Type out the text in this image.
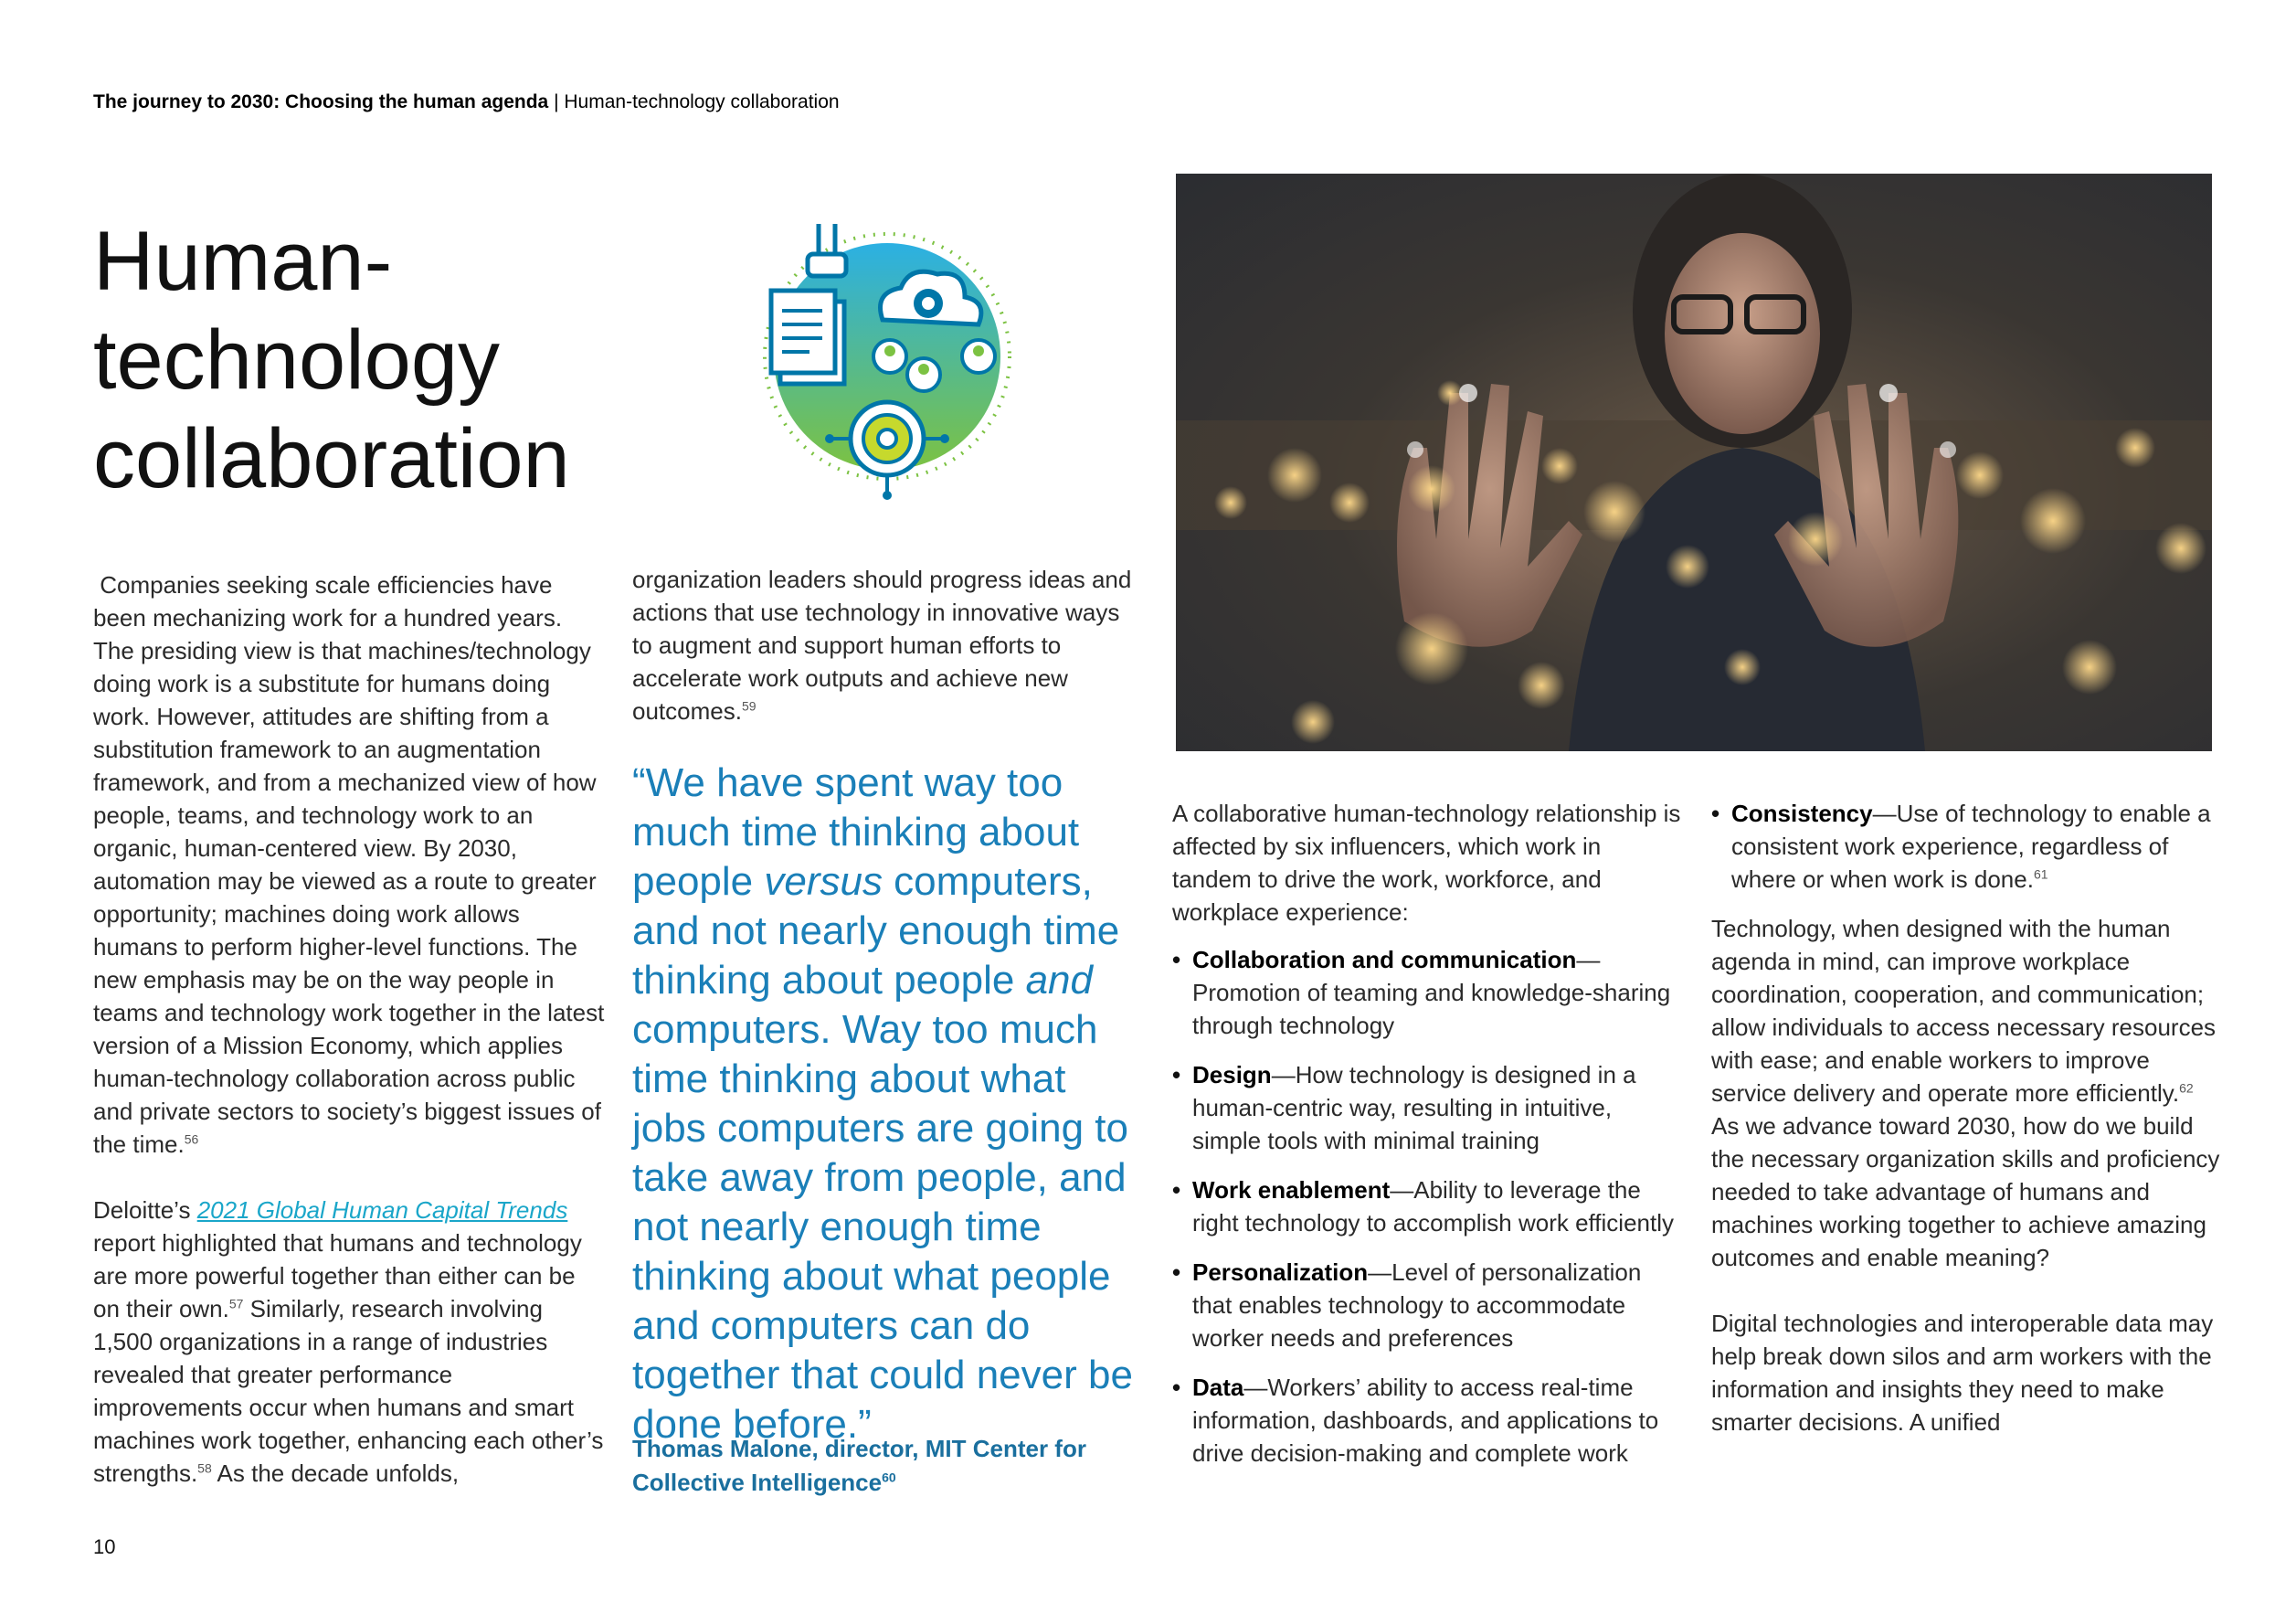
The journey to 2030: Choosing the human agenda | Human-technology collaboration
Human-
technology
collaboration

Companies seeking scale efficiencies have been mechanizing work for a hundred years. The presiding view is that machines/technology doing work is a substitute for humans doing work. However, attitudes are shifting from a substitution framework to an augmentation framework, and from a mechanized view of how people, teams, and technology work to an organic, human-centered view. By 2030, automation may be viewed as a route to greater opportunity; machines doing work allows humans to perform higher-level functions. The new emphasis may be on the way people in teams and technology work together in the latest version of a Mission Economy, which applies human-technology collaboration across public and private sectors to society’s biggest issues of the time.$^{56}$

Deloitte’s 2021 Global Human Capital Trends report highlighted that humans and technology are more powerful together than either can be on their own.$^{57}$ Similarly, research involving 1,500 organizations in a range of industries revealed that greater performance improvements occur when humans and smart machines work together, enhancing each other’s strengths.$^{58}$ As the decade unfolds,

organization leaders should progress ideas and actions that use technology in innovative ways to augment and support human efforts to accelerate work outputs and achieve new outcomes.$^{59}$

“We have spent way too much time thinking about people versus computers, and not nearly enough time thinking about people and computers. Way too much time thinking about what jobs computers are going to take away from people, and not nearly enough time thinking about what people and computers can do together that could never be done before.”
Thomas Malone, director, MIT Center for Collective Intelligence$^{60}$

A collaborative human-technology relationship is affected by six influencers, which work in tandem to drive the work, workforce, and workplace experience:

• Collaboration and communication—Promotion of teaming and knowledge-sharing through technology
• Design—How technology is designed in a human-centric way, resulting in intuitive, simple tools with minimal training
• Work enablement—Ability to leverage the right technology to accomplish work efficiently
• Personalization—Level of personalization that enables technology to accommodate worker needs and preferences
• Data—Workers’ ability to access real-time information, dashboards, and applications to drive decision-making and complete work
• Consistency—Use of technology to enable a consistent work experience, regardless of where or when work is done.$^{61}$

Technology, when designed with the human agenda in mind, can improve workplace coordination, cooperation, and communication; allow individuals to access necessary resources with ease; and enable workers to improve service delivery and operate more efficiently.$^{62}$ As we advance toward 2030, how do we build the necessary organization skills and proficiency needed to take advantage of humans and machines working together to achieve amazing outcomes and enable meaning?

Digital technologies and interoperable data may help break down silos and arm workers with the information and insights they need to make smarter decisions. A unified

10
